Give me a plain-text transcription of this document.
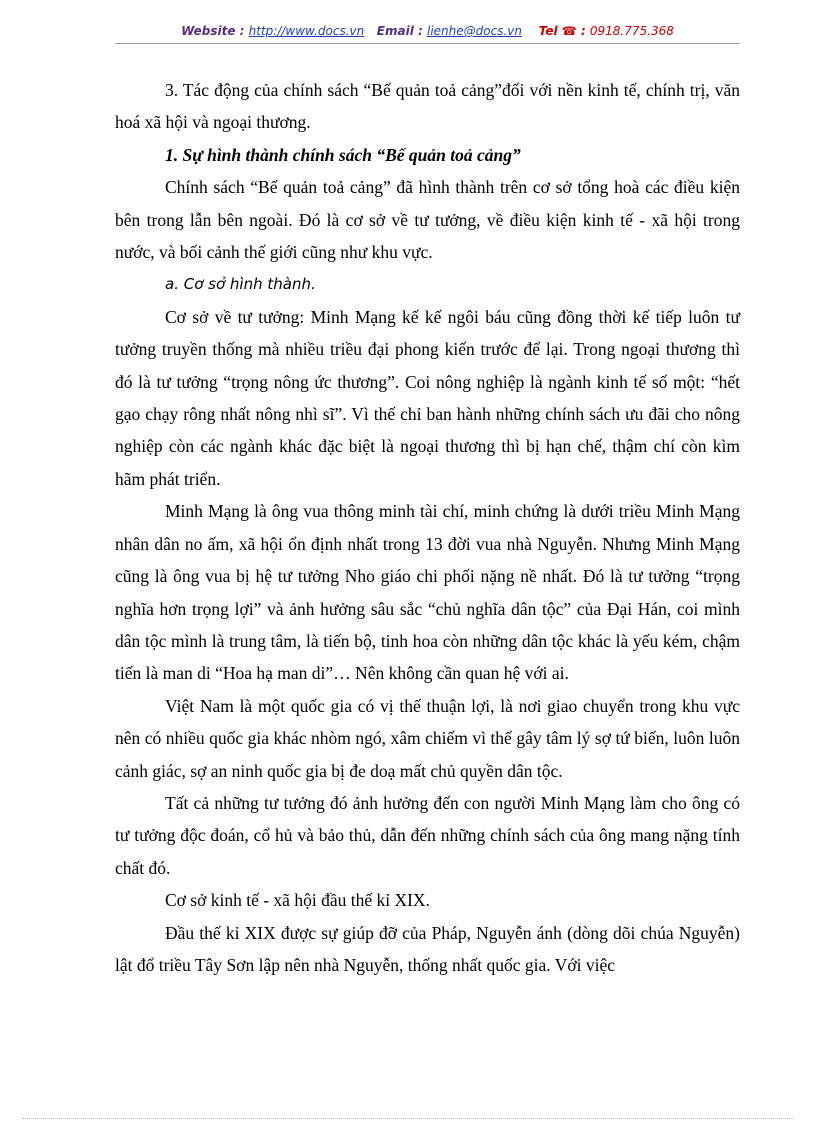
Website : http://www.docs.vn Email : lienhe@docs.vn Tel ☎ : 0918.775.368

3. Tác động của chính sách “Bế quản toả cảng”đối với nền kinh tế, chính trị, văn hoá xã hội và ngoại thương.

1. Sự hình thành chính sách “Bế quản toả cảng”

Chính sách “Bế quản toả cảng” đã hình thành trên cơ sở tổng hoà các điều kiện bên trong lẫn bên ngoài. Đó là cơ sở về tư tưởng, về điều kiện kinh tế - xã hội trong nước, và bối cảnh thế giới cũng như khu vực.

a. Cơ sở hình thành.

Cơ sở về tư tưởng: Minh Mạng kế kế ngôi báu cũng đồng thời kế tiếp luôn tư tưởng truyền thống mà nhiều triều đại phong kiến trước để lại. Trong ngoại thương thì đó là tư tưởng “trọng nông ức thương”. Coi nông nghiệp là ngành kinh tế số một: “hết gạo chạy rông nhất nông nhì sĩ”. Vì thế chỉ ban hành những chính sách ưu đãi cho nông nghiệp còn các ngành khác đặc biệt là ngoại thương thì bị hạn chế, thậm chí còn kìm hãm phát triển.

Minh Mạng là ông vua thông minh tài chí, minh chứng là dưới triều Minh Mạng nhân dân no ấm, xã hội ổn định nhất trong 13 đời vua nhà Nguyễn. Nhưng Minh Mạng cũng là ông vua bị hệ tư tưởng Nho giáo chi phối nặng nề nhất. Đó là tư tưởng “trọng nghĩa hơn trọng lợi” và ảnh hưởng sâu sắc “chủ nghĩa dân tộc” của Đại Hán, coi mình dân tộc mình là trung tâm, là tiến bộ, tinh hoa còn những dân tộc khác là yếu kém, chậm tiến là man di “Hoa hạ man di”… Nên không cần quan hệ với ai.

Việt Nam là một quốc gia có vị thế thuận lợi, là nơi giao chuyển trong khu vực nên có nhiều quốc gia khác nhòm ngó, xâm chiếm vì thế gây tâm lý sợ tứ biến, luôn luôn cảnh giác, sợ an ninh quốc gia bị đe doạ mất chủ quyền dân tộc.

Tất cả những tư tưởng đó ảnh hưởng đến con người Minh Mạng làm cho ông có tư tưởng độc đoán, cổ hủ và bảo thủ, dẫn đến những chính sách của ông mang nặng tính chất đó.

Cơ sở kinh tế - xã hội đầu thế kỉ XIX.

Đầu thế kỉ XIX được sự giúp đỡ của Pháp, Nguyễn ánh (dòng dõi chúa Nguyễn) lật đổ triều Tây Sơn lập nên nhà Nguyễn, thống nhất quốc gia. Với việc
